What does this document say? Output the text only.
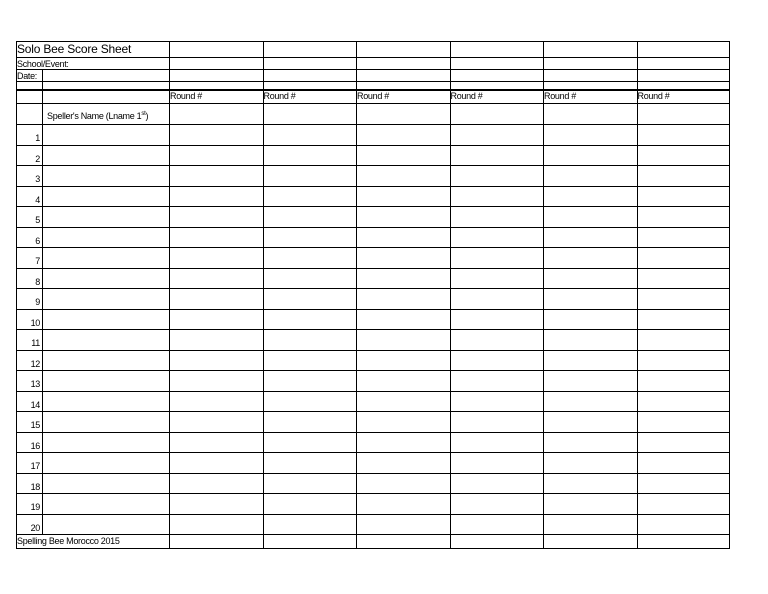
Solo Bee Score Sheet
School/Event:
Date:
Round #	Round #	Round #	Round #	Round #	Round #
Speller's Name (Lname 1st)
1
2
3
4
5
6
7
8
9
10
11
12
13
14
15
16
17
18
19
20
Spelling Bee Morocco 2015
